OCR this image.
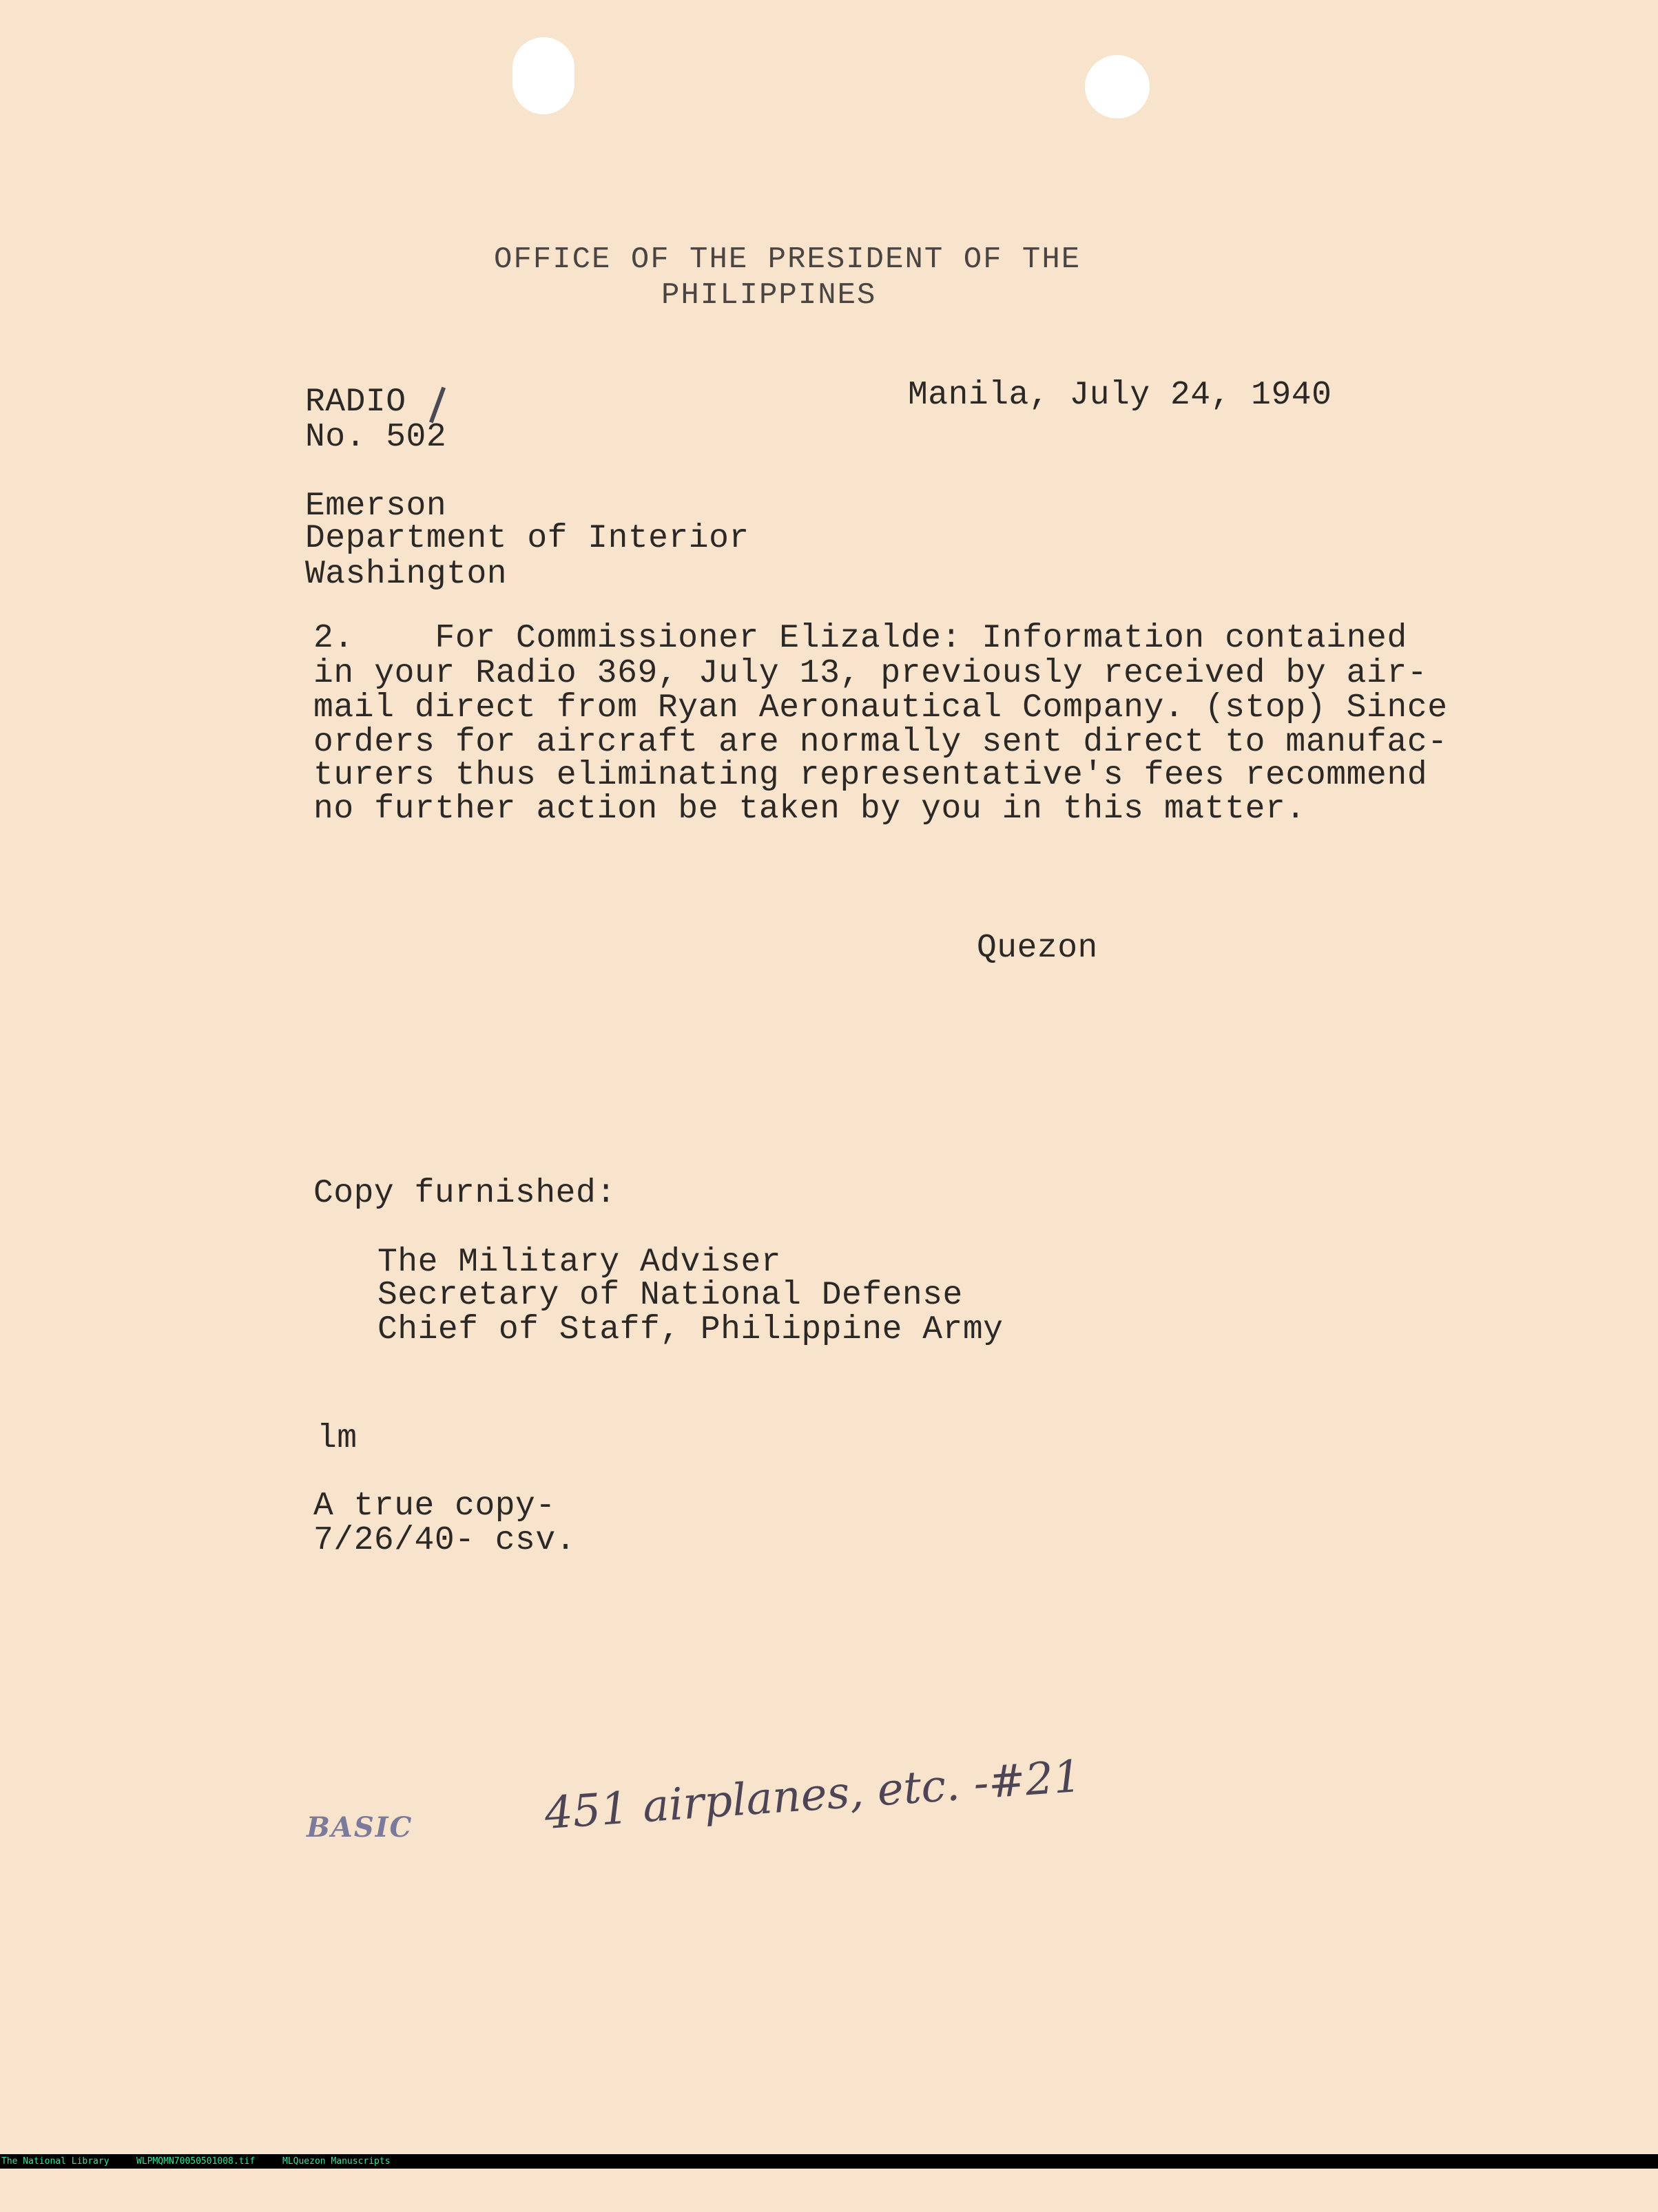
OFFICE OF THE PRESIDENT OF THE
PHILIPPINES
RADIO
No. 502
Manila, July 24, 1940
Emerson
Department of Interior
Washington
2.    For Commissioner Elizalde: Information contained
in your Radio 369, July 13, previously received by air-
mail direct from Ryan Aeronautical Company. (stop) Since
orders for aircraft are normally sent direct to manufac-
turers thus eliminating representative's fees recommend
no further action be taken by you in this matter.
Quezon
Copy furnished:
The Military Adviser
Secretary of National Defense
Chief of Staff, Philippine Army
lm
A true copy-
7/26/40- csv.
BASIC	451 airplanes, etc. -#21

The National Library

	WLPMQMN70050501008.tif

	MLQuezon Manuscripts
